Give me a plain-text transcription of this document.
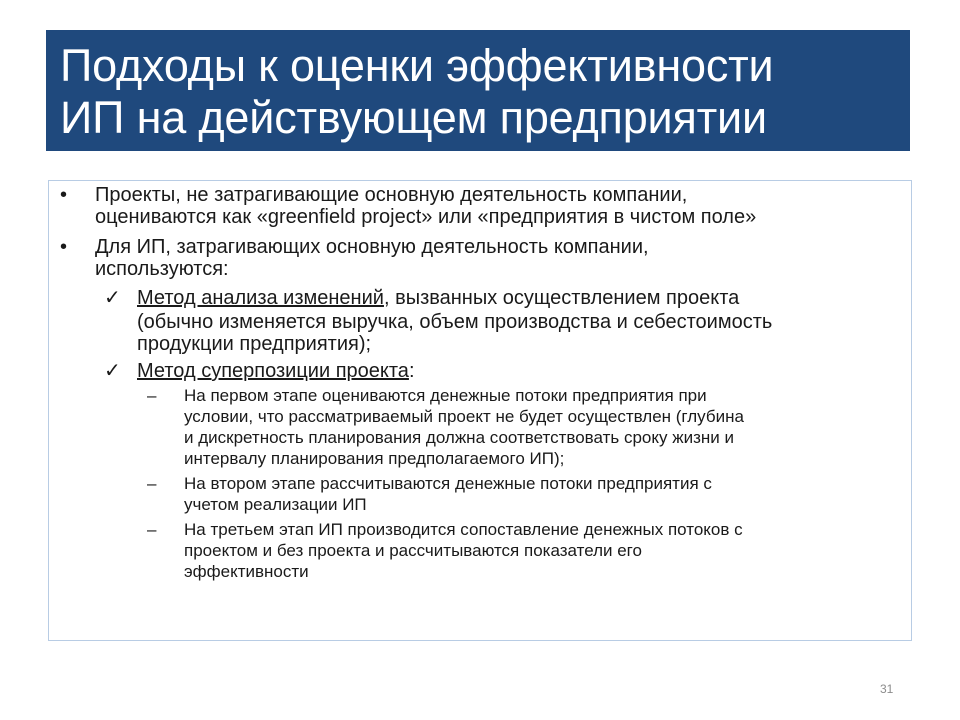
Подходы к оценки эффективности
ИП на действующем предприятии
• Проекты, не затрагивающие основную деятельность компании,
оцениваются как «greenfield project» или «предприятия в чистом поле»
• Для ИП, затрагивающих основную деятельность компании,
используются:
✓ Метод анализа изменений, вызванных осуществлением проекта
(обычно изменяется выручка, объем производства и себестоимость
продукции предприятия);
✓ Метод суперпозиции проекта:
– На первом этапе оцениваются денежные потоки предприятия при
условии, что рассматриваемый проект не будет осуществлен (глубина
и дискретность планирования должна соответствовать сроку жизни и
интервалу планирования предполагаемого ИП);
– На втором этапе рассчитываются денежные потоки предприятия с
учетом реализации ИП
– На третьем этап ИП производится сопоставление денежных потоков с
проектом и без проекта и рассчитываются показатели его
эффективности
31
